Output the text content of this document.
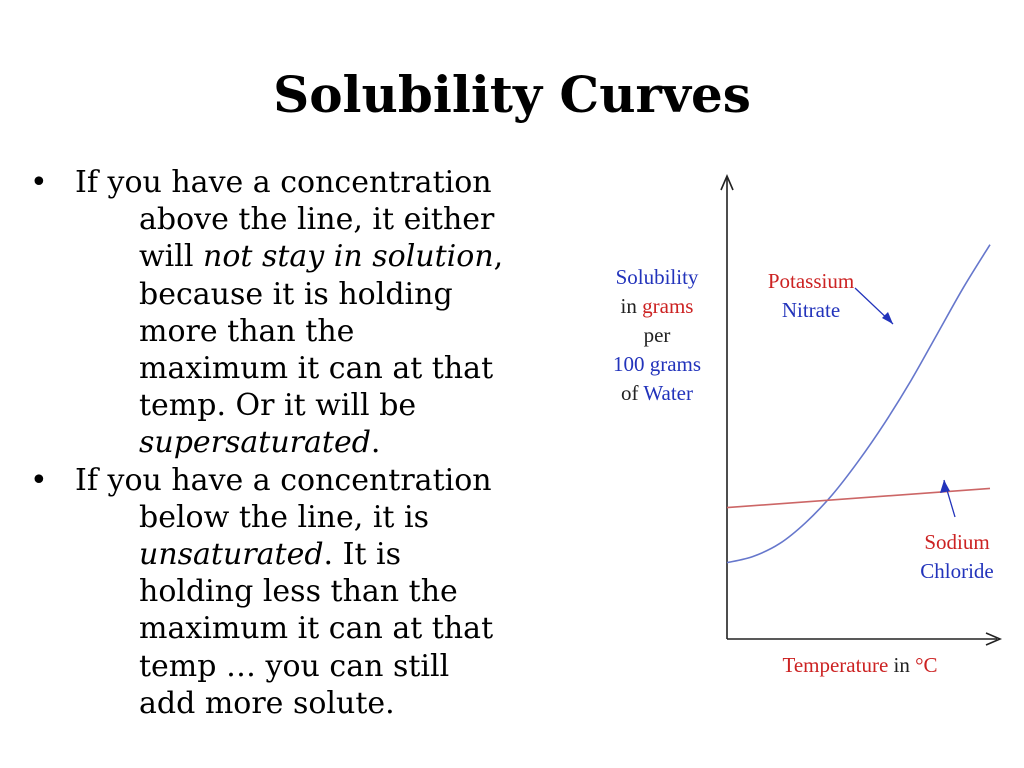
Solubility Curves
• If you have a concentration
above the line, it either
will not stay in solution,
because it is holding
more than the
maximum it can at that
temp. Or it will be
supersaturated.
• If you have a concentration
below the line, it is
unsaturated. It is
holding less than the
maximum it can at that
temp … you can still
add more solute.
Solubility
in grams
per
100 grams
of Water
Temperature in °C
Potassium
Nitrate
Sodium
Chloride
